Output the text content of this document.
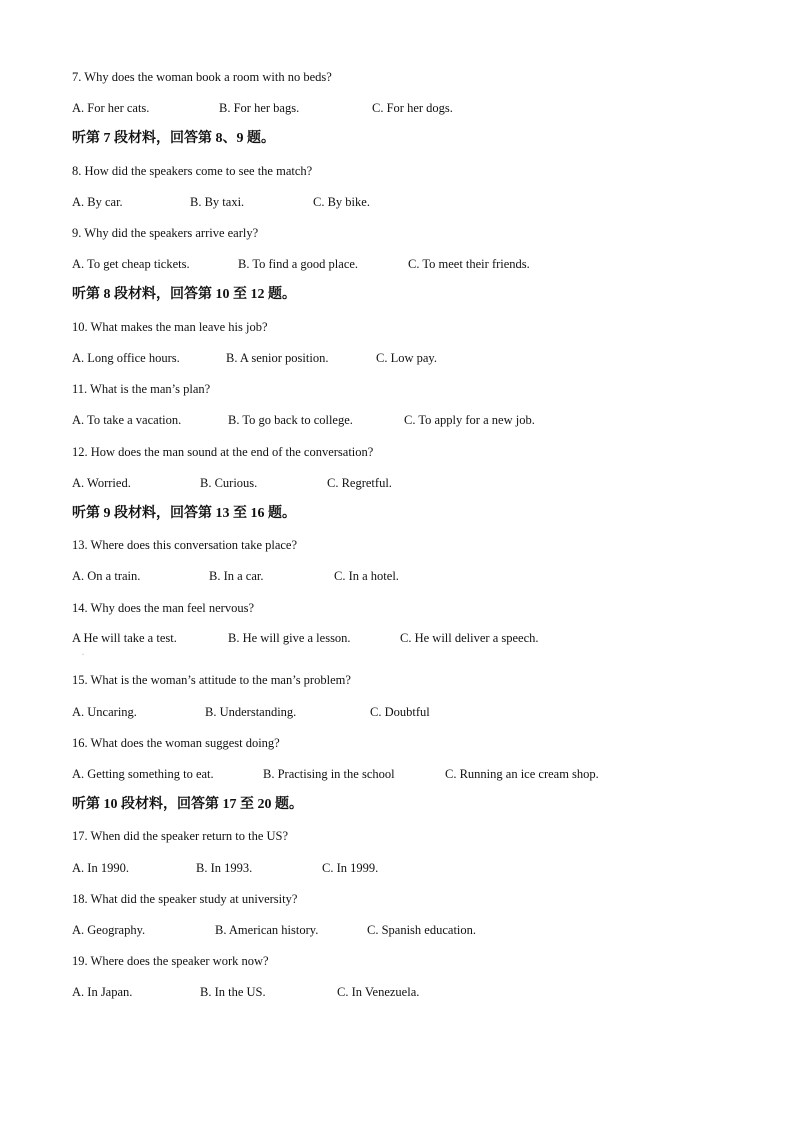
7. Why does the woman book a room with no beds?
A. For her cats.	B. For her bags.	C. For her dogs.
听第 7 段材料，回答第 8、9 题。
8. How did the speakers come to see the match?
A. By car.	B. By taxi.	C. By bike.
9. Why did the speakers arrive early?
A. To get cheap tickets.	B. To find a good place.	C. To meet their friends.
听第 8 段材料，回答第 10 至 12 题。
10. What makes the man leave his job?
A. Long office hours.	B. A senior position.	C. Low pay.
11. What is the man’s plan?
A. To take a vacation.	B. To go back to college.	C. To apply for a new job.
12. How does the man sound at the end of the conversation?
A. Worried.	B. Curious.	C. Regretful.
听第 9 段材料，回答第 13 至 16 题。
13. Where does this conversation take place?
A. On a train.	B. In a car.	C. In a hotel.
14. Why does the man feel nervous?
A He will take a test.	B. He will give a lesson.	C. He will deliver a speech.
15. What is the woman’s attitude to the man’s problem?
A. Uncaring.	B. Understanding.	C. Doubtful
16. What does the woman suggest doing?
A. Getting something to eat.	B. Practising in the school	C. Running an ice cream shop.
听第 10 段材料，回答第 17 至 20 题。
17. When did the speaker return to the US?
A. In 1990.	B. In 1993.	C. In 1999.
18. What did the speaker study at university?
A. Geography.	B. American history.	C. Spanish education.
19. Where does the speaker work now?
A. In Japan.	B. In the US.	C. In Venezuela.
·
